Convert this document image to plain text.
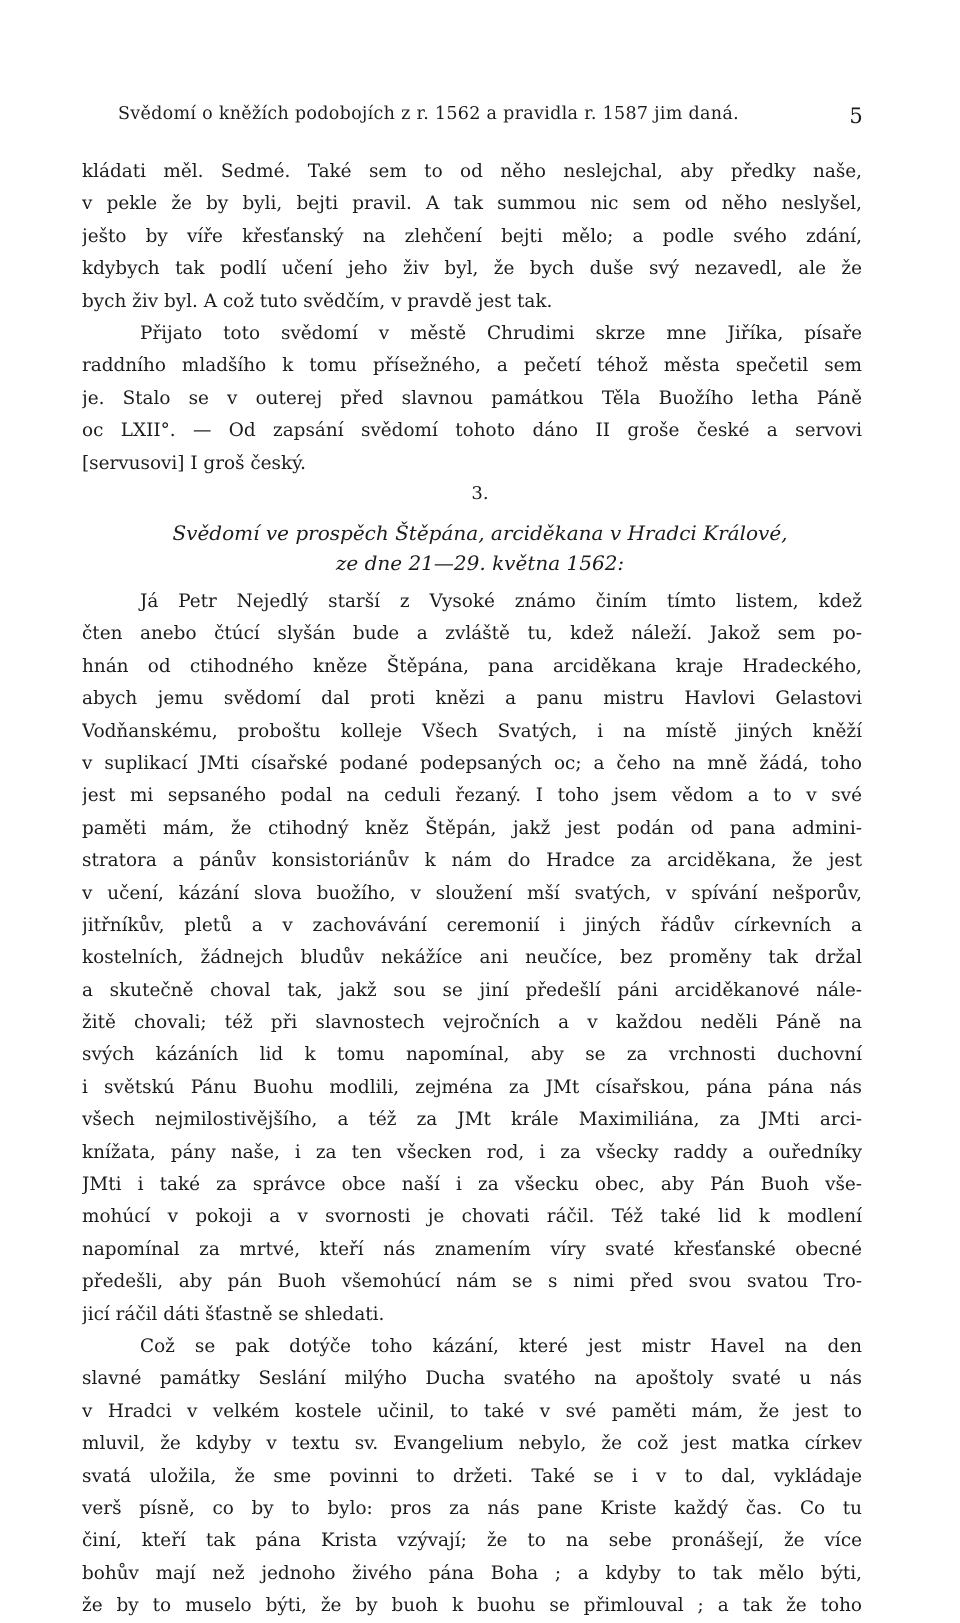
Svědomí o kněžích podobojích z r. 1562 a pravidla r. 1587 jim daná.	5
kládati měl. Sedmé. Také sem to od něho neslejchal, aby předky naše,
v pekle že by byli, bejti pravil. A tak summou nic sem od něho neslyšel,
ješto by víře křesťanský na zlehčení bejti mělo; a podle svého zdání,
kdybych tak podlí učení jeho živ byl, že bych duše svý nezavedl, ale že
bych živ byl. A což tuto svědčím, v pravdě jest tak.
Přijato toto svědomí v městě Chrudimi skrze mne Jiříka, písaře
raddního mladšího k tomu přísežného, a pečetí téhož města spečetil sem
je. Stalo se v outerej před slavnou památkou Těla Buožího letha Páně
oc LXII°. — Od zapsání svědomí tohoto dáno II groše české a servovi
[servusovi] I groš český.
3.
Svědomí ve prospěch Štěpána, arciděkana v Hradci Králové,
ze dne 21—29. května 1562:
Já Petr Nejedlý starší z Vysoké známo činím tímto listem, kdež
čten anebo čtúcí slyšán bude a zvláště tu, kdež náleží. Jakož sem po-
hnán od ctihodného kněze Štěpána, pana arciděkana kraje Hradeckého,
abych jemu svědomí dal proti knězi a panu mistru Havlovi Gelastovi
Vodňanskému, proboštu kolleje Všech Svatých, i na místě jiných kněží
v suplikací JMti císařské podané podepsaných oc; a čeho na mně žádá, toho
jest mi sepsaného podal na ceduli řezaný. I toho jsem vědom a to v své
paměti mám, že ctihodný kněz Štěpán, jakž jest podán od pana admini-
stratora a pánův konsistoriánův k nám do Hradce za arciděkana, že jest
v učení, kázání slova buožího, v sloužení mší svatých, v spívání nešporův,
jitřníkův, pletů a v zachovávání ceremonií i jiných řádův církevních a
kostelních, žádnejch bludův nekážíce ani neučíce, bez proměny tak držal
a skutečně choval tak, jakž sou se jiní předešlí páni arciděkanové nále-
žitě chovali; též při slavnostech vejročních a v každou neděli Páně na
svých kázáních lid k tomu napomínal, aby se za vrchnosti duchovní
i světskú Pánu Buohu modlili, zejména za JMt císařskou, pána pána nás
všech nejmilostivějšího, a též za JMt krále Maximiliána, za JMti arci-
knížata, pány naše, i za ten všecken rod, i za všecky raddy a ouředníky
JMti i také za správce obce naší i za všecku obec, aby Pán Buoh vše-
mohúcí v pokoji a v svornosti je chovati ráčil. Též také lid k modlení
napomínal za mrtvé, kteří nás znamením víry svaté křesťanské obecné
předešli, aby pán Buoh všemohúcí nám se s nimi před svou svatou Tro-
jicí ráčil dáti šťastně se shledati.
Což se pak dotýče toho kázání, které jest mistr Havel na den
slavné památky Seslání milýho Ducha svatého na apoštoly svaté u nás
v Hradci v velkém kostele učinil, to také v své paměti mám, že jest to
mluvil, že kdyby v textu sv. Evangelium nebylo, že což jest matka církev
svatá uložila, že sme povinni to držeti. Také se i v to dal, vykládaje
verš písně, co by to bylo: pros za nás pane Kriste každý čas. Co tu
činí, kteří tak pána Krista vzývají; že to na sebe pronášejí, že více
bohův mají než jednoho živého pána Boha ; a kdyby to tak mělo býti,
že by to muselo býti, že by buoh k buohu se přimlouval ; a tak že toho
